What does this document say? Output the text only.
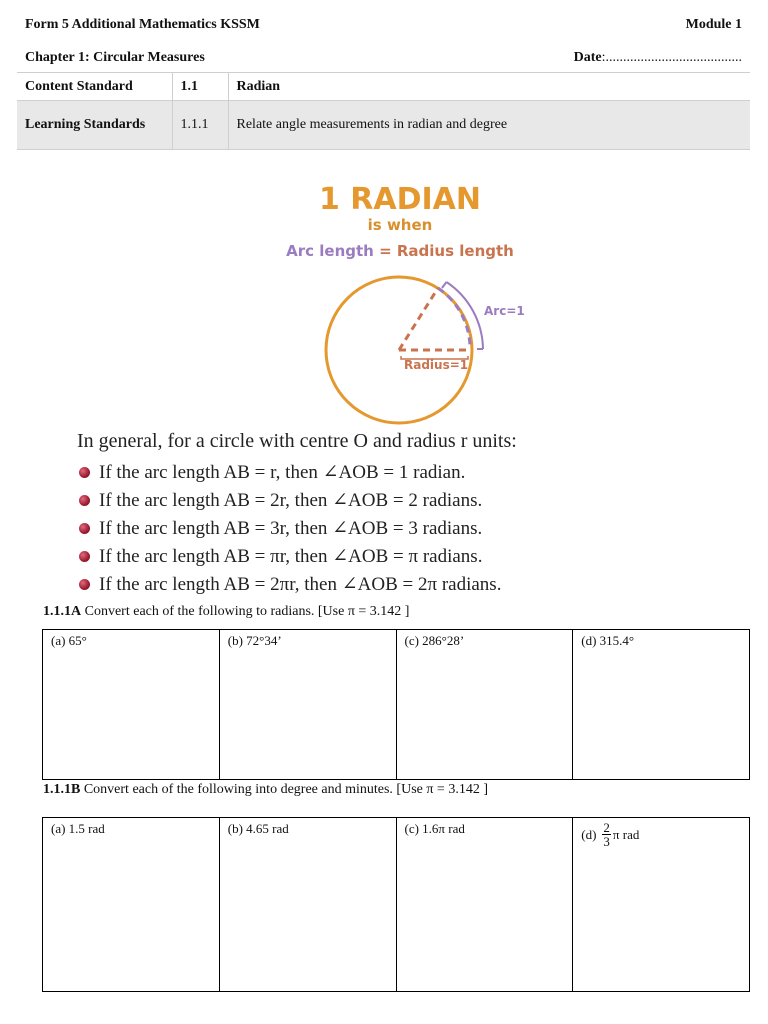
Form 5 Additional Mathematics KSSM	Module 1
Chapter 1: Circular Measures	Date:.......................................
Content Standard	1.1	Radian
Learning Standards	1.1.1	Relate angle measurements in radian and degree
1 RADIAN
is when
Arc length = Radius length
Arc=1
Radius=1
In general, for a circle with centre O and radius r units:
If the arc length AB = r, then ∠AOB = 1 radian.
If the arc length AB = 2r, then ∠AOB = 2 radians.
If the arc length AB = 3r, then ∠AOB = 3 radians.
If the arc length AB = πr, then ∠AOB = π radians.
If the arc length AB = 2πr, then ∠AOB = 2π radians.
1.1.1A Convert each of the following to radians. [Use π = 3.142 ]
(a) 65°	(b) 72°34’	(c) 286°28’	(d) 315.4°
1.1.1B Convert each of the following into degree and minutes. [Use π = 3.142 ]
(a) 1.5 rad	(b) 4.65 rad	(c) 1.6π rad	$(d) \frac{2}{3}$ π rad
